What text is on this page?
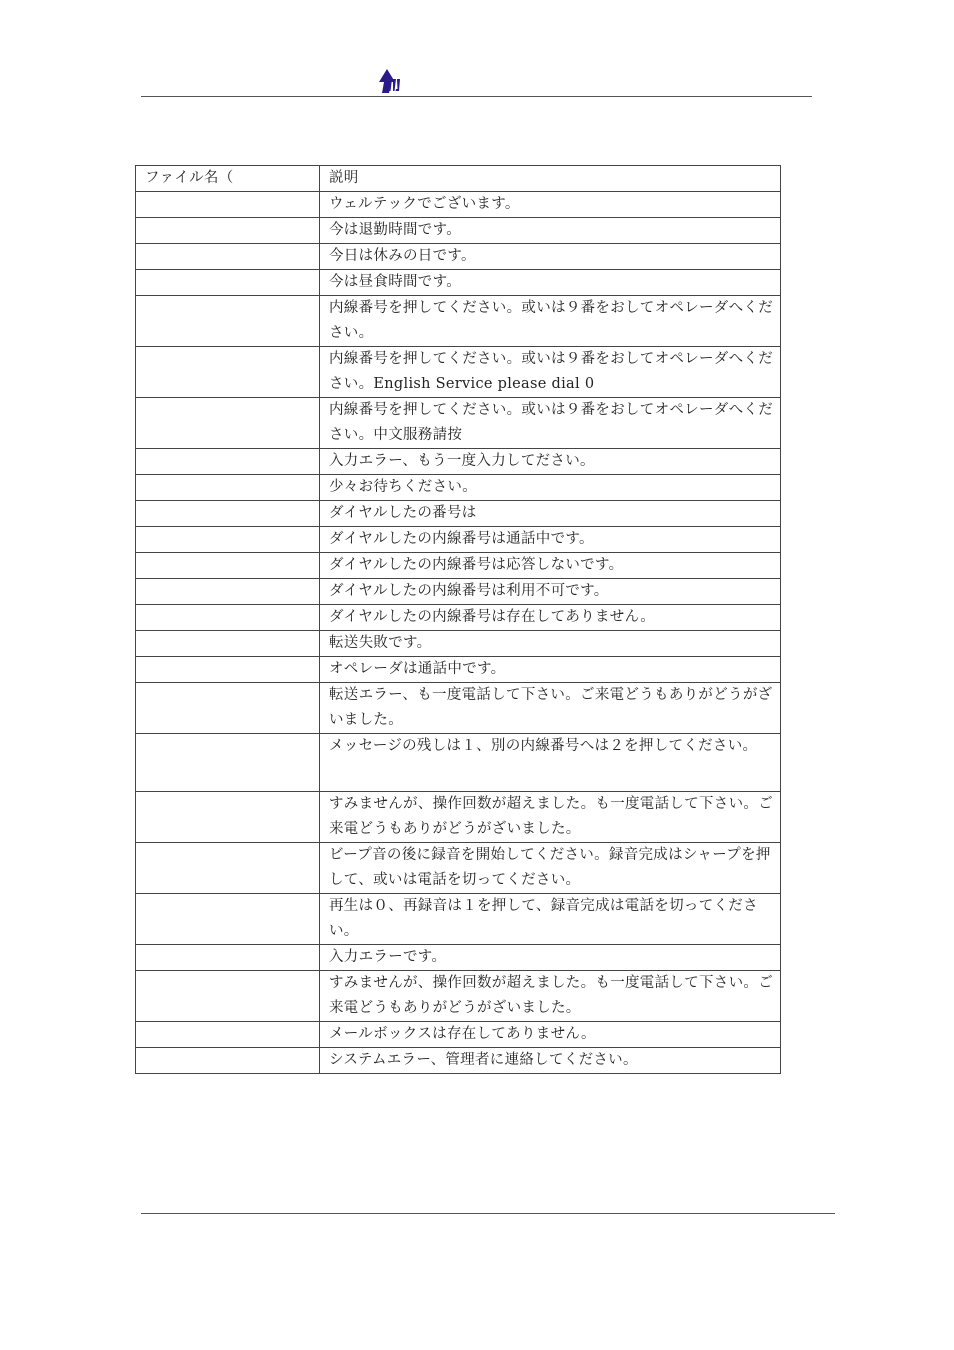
ファイル名（	説明
	ウェルテックでございます。
	今は退勤時間です。
	今日は休みの日です。
	今は昼食時間です。
	内線番号を押してください。或いは９番をおしてオペレーダへください。
	内線番号を押してください。或いは９番をおしてオペレーダへください。English Service please dial 0
	内線番号を押してください。或いは９番をおしてオペレーダへください。中文服務請按
	入力エラー、もう一度入力してださい。
	少々お待ちください。
	ダイヤルしたの番号は
	ダイヤルしたの内線番号は通話中です。
	ダイヤルしたの内線番号は応答しないです。
	ダイヤルしたの内線番号は利用不可です。
	ダイヤルしたの内線番号は存在してありません。
	転送失敗です。
	オペレーダは通話中です。
	転送エラー、も一度電話して下さい。ご来電どうもありがどうがざいました。
	メッセージの残しは１、別の内線番号へは２を押してください。
	すみませんが、操作回数が超えました。も一度電話して下さい。ご来電どうもありがどうがざいました。
	ビープ音の後に録音を開始してください。録音完成はシャープを押して、或いは電話を切ってください。
	再生は０、再録音は１を押して、録音完成は電話を切ってください。
	入力エラーです。
	すみませんが、操作回数が超えました。も一度電話して下さい。ご来電どうもありがどうがざいました。
	メールボックスは存在してありません。
	システムエラー、管理者に連絡してください。
